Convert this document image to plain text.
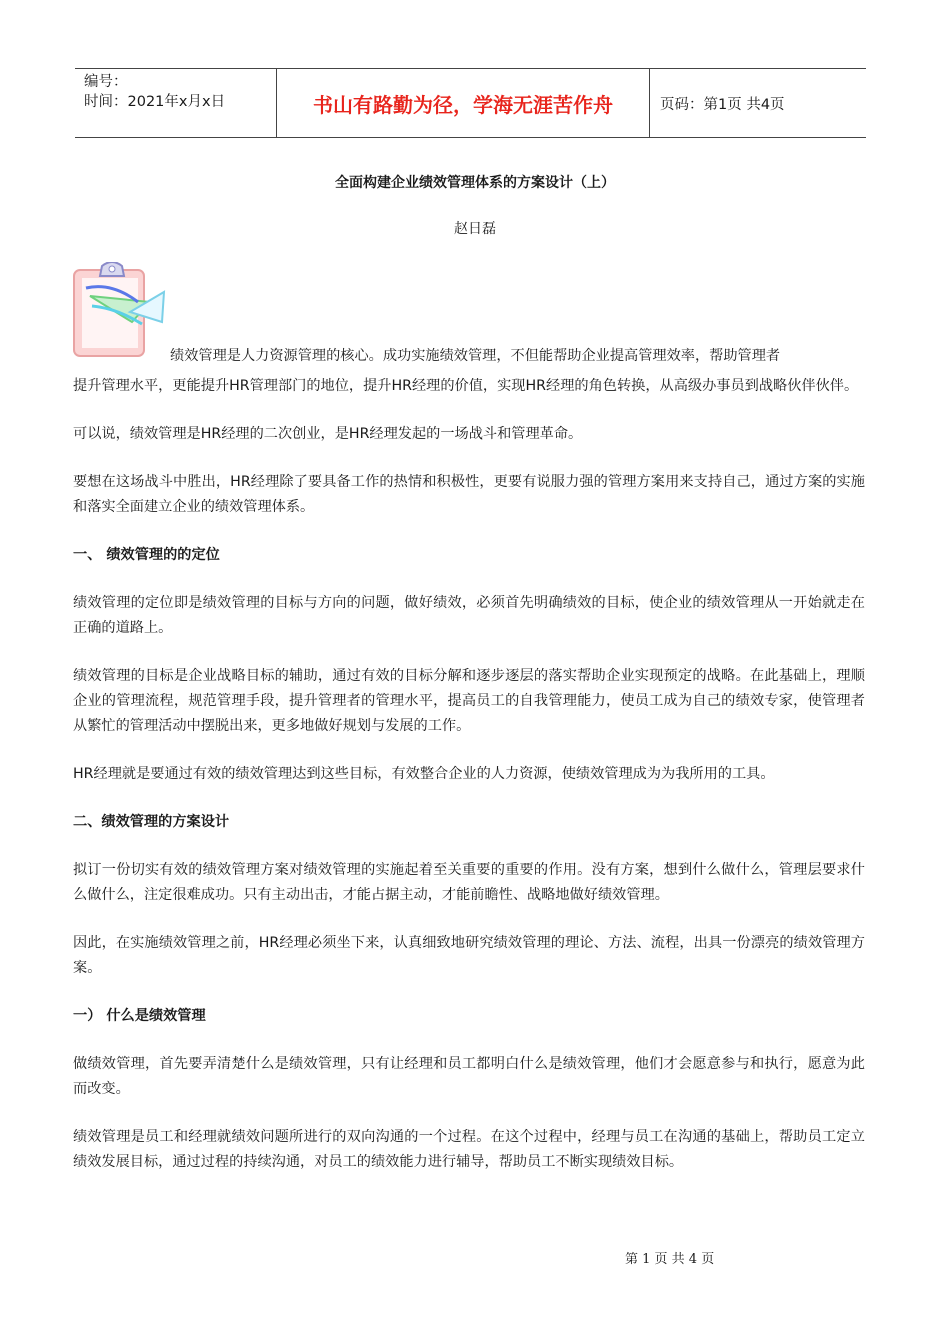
编号：
时间：2021年x月x日	书山有路勤为径，学海无涯苦作舟	页码：第1页 共4页
全面构建企业绩效管理体系的方案设计（上）
赵日磊

绩效管理是人力资源管理的核心。成功实施绩效管理，不但能帮助企业提高管理效率，帮助管理者

提升管理水平，更能提升HR管理部门的地位，提升HR经理的价值，实现HR经理的角色转换，从高级办事员到战略伙伴伙伴。

可以说，绩效管理是HR经理的二次创业，是HR经理发起的一场战斗和管理革命。

要想在这场战斗中胜出，HR经理除了要具备工作的热情和积极性，更要有说服力强的管理方案用来支持自己，通过方案的实施和落实全面建立企业的绩效管理体系。

一、 绩效管理的的定位

绩效管理的定位即是绩效管理的目标与方向的问题，做好绩效，必须首先明确绩效的目标，使企业的绩效管理从一开始就走在正确的道路上。

绩效管理的目标是企业战略目标的辅助，通过有效的目标分解和逐步逐层的落实帮助企业实现预定的战略。在此基础上，理顺企业的管理流程，规范管理手段，提升管理者的管理水平，提高员工的自我管理能力，使员工成为自己的绩效专家，使管理者从繁忙的管理活动中摆脱出来，更多地做好规划与发展的工作。

HR经理就是要通过有效的绩效管理达到这些目标，有效整合企业的人力资源，使绩效管理成为为我所用的工具。

二、绩效管理的方案设计

拟订一份切实有效的绩效管理方案对绩效管理的实施起着至关重要的重要的作用。没有方案，想到什么做什么，管理层要求什么做什么，注定很难成功。只有主动出击，才能占据主动，才能前瞻性、战略地做好绩效管理。

因此，在实施绩效管理之前，HR经理必须坐下来，认真细致地研究绩效管理的理论、方法、流程，出具一份漂亮的绩效管理方案。

一） 什么是绩效管理

做绩效管理，首先要弄清楚什么是绩效管理，只有让经理和员工都明白什么是绩效管理，他们才会愿意参与和执行，愿意为此而改变。

绩效管理是员工和经理就绩效问题所进行的双向沟通的一个过程。在这个过程中，经理与员工在沟通的基础上，帮助员工定立绩效发展目标，通过过程的持续沟通，对员工的绩效能力进行辅导，帮助员工不断实现绩效目标。

第 1 页 共 4 页
